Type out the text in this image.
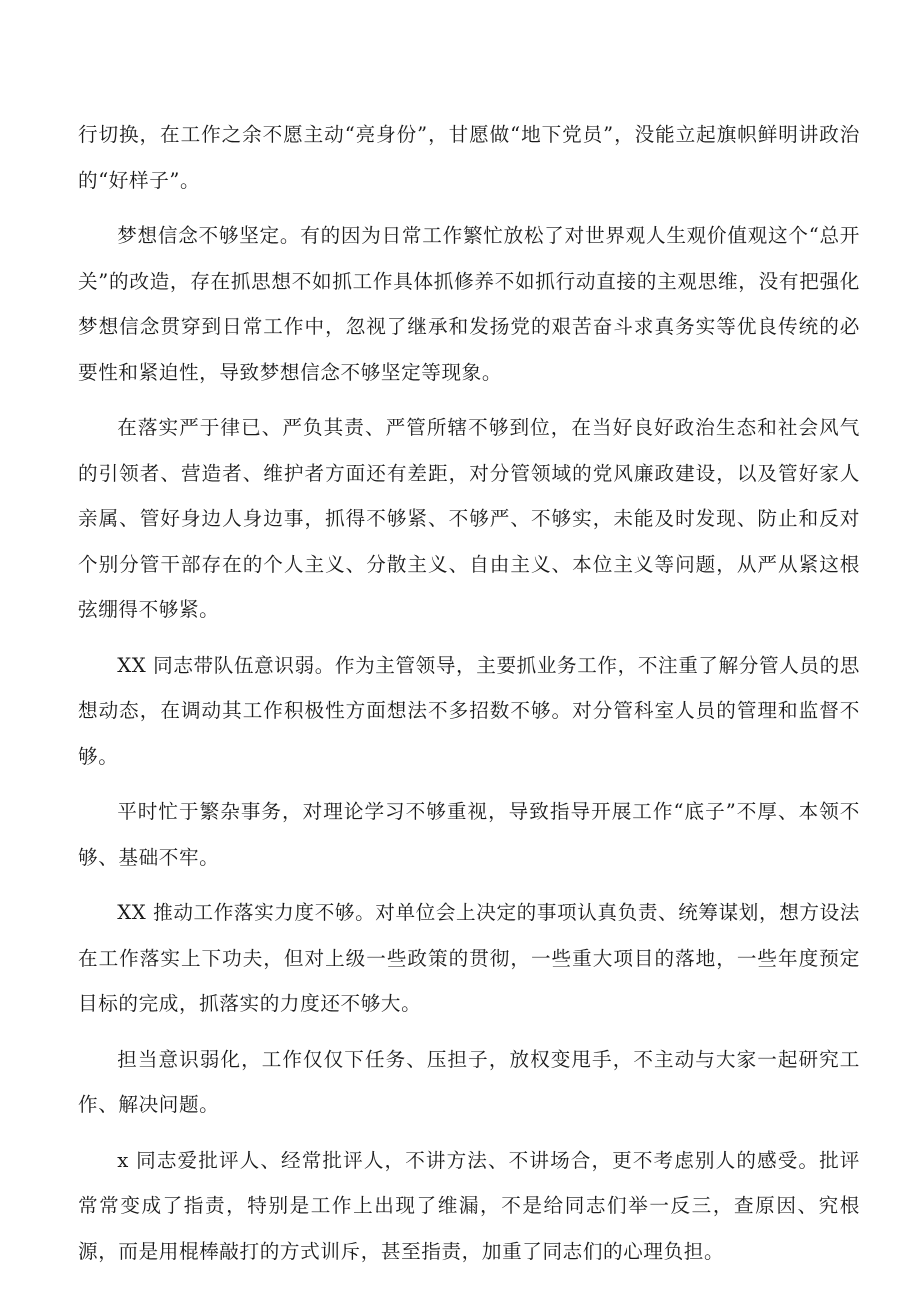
行切换，在工作之余不愿主动“亮身份”，甘愿做“地下党员”，没能立起旗帜鲜明讲政治的“好样子”。

梦想信念不够坚定。有的因为日常工作繁忙放松了对世界观人生观价值观这个“总开关”的改造，存在抓思想不如抓工作具体抓修养不如抓行动直接的主观思维，没有把强化梦想信念贯穿到日常工作中，忽视了继承和发扬党的艰苦奋斗求真务实等优良传统的必要性和紧迫性，导致梦想信念不够坚定等现象。

在落实严于律已、严负其责、严管所辖不够到位，在当好良好政治生态和社会风气的引领者、营造者、维护者方面还有差距，对分管领域的党风廉政建设，以及管好家人亲属、管好身边人身边事，抓得不够紧、不够严、不够实，未能及时发现、防止和反对个别分管干部存在的个人主义、分散主义、自由主义、本位主义等问题，从严从紧这根弦绷得不够紧。

XX 同志带队伍意识弱。作为主管领导，主要抓业务工作，不注重了解分管人员的思想动态，在调动其工作积极性方面想法不多招数不够。对分管科室人员的管理和监督不够。

平时忙于繁杂事务，对理论学习不够重视，导致指导开展工作“底子”不厚、本领不够、基础不牢。

XX 推动工作落实力度不够。对单位会上决定的事项认真负责、统筹谋划，想方设法在工作落实上下功夫，但对上级一些政策的贯彻，一些重大项目的落地，一些年度预定目标的完成，抓落实的力度还不够大。

担当意识弱化，工作仅仅下任务、压担子，放权变甩手，不主动与大家一起研究工作、解决问题。

x 同志爱批评人、经常批评人，不讲方法、不讲场合，更不考虑别人的感受。批评常常变成了指责，特别是工作上出现了维漏，不是给同志们举一反三，查原因、究根源，而是用棍棒敲打的方式训斥，甚至指责，加重了同志们的心理负担。
